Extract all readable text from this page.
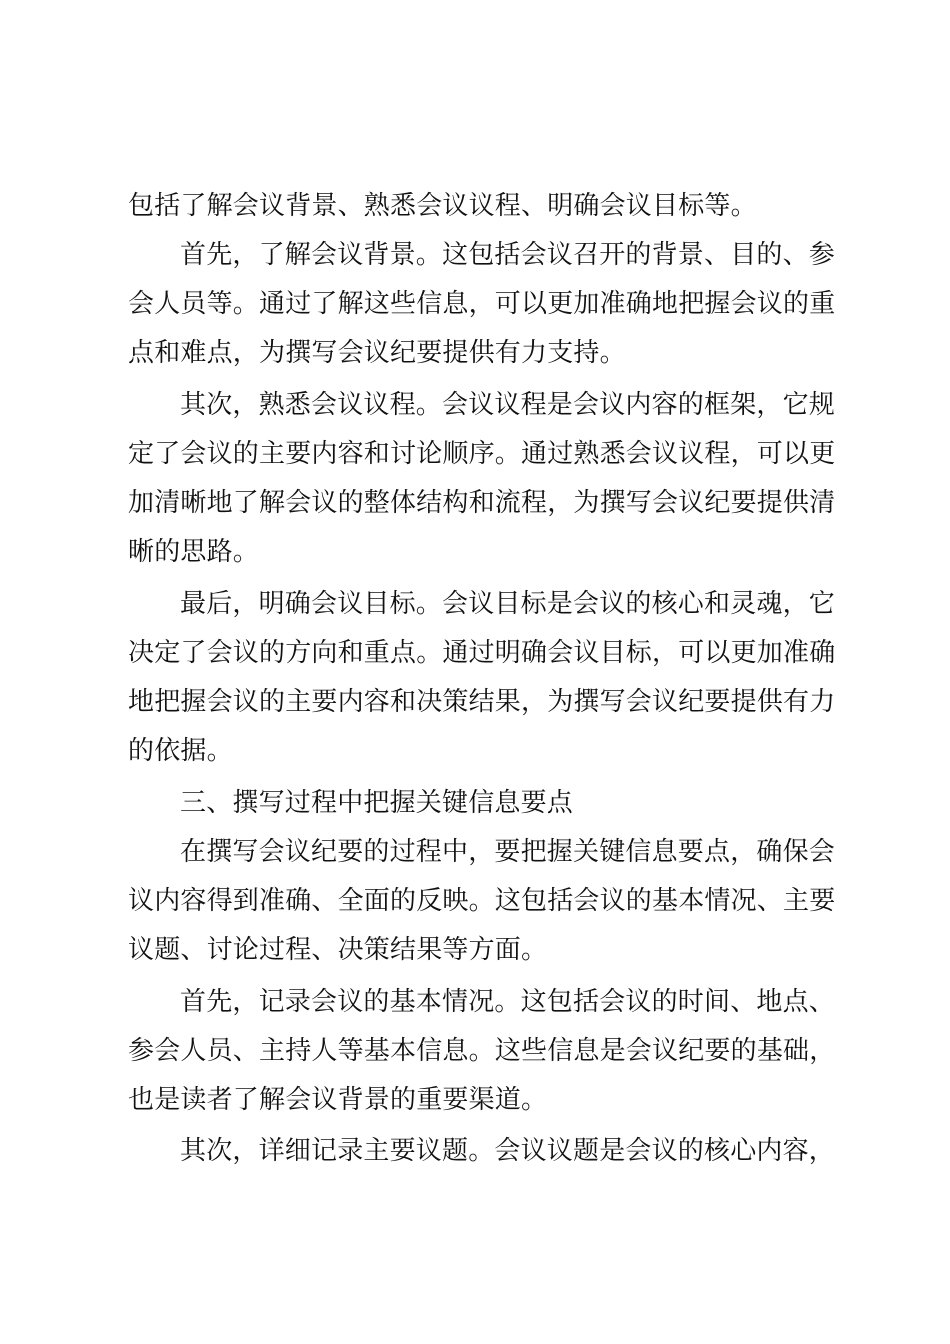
包括了解会议背景、熟悉会议议程、明确会议目标等。
首先，了解会议背景。这包括会议召开的背景、目的、参
会人员等。通过了解这些信息，可以更加准确地把握会议的重
点和难点，为撰写会议纪要提供有力支持。
其次，熟悉会议议程。会议议程是会议内容的框架，它规
定了会议的主要内容和讨论顺序。通过熟悉会议议程，可以更
加清晰地了解会议的整体结构和流程，为撰写会议纪要提供清
晰的思路。
最后，明确会议目标。会议目标是会议的核心和灵魂，它
决定了会议的方向和重点。通过明确会议目标，可以更加准确
地把握会议的主要内容和决策结果，为撰写会议纪要提供有力
的依据。
三、撰写过程中把握关键信息要点
在撰写会议纪要的过程中，要把握关键信息要点，确保会
议内容得到准确、全面的反映。这包括会议的基本情况、主要
议题、讨论过程、决策结果等方面。
首先，记录会议的基本情况。这包括会议的时间、地点、
参会人员、主持人等基本信息。这些信息是会议纪要的基础，
也是读者了解会议背景的重要渠道。
其次，详细记录主要议题。会议议题是会议的核心内容，
